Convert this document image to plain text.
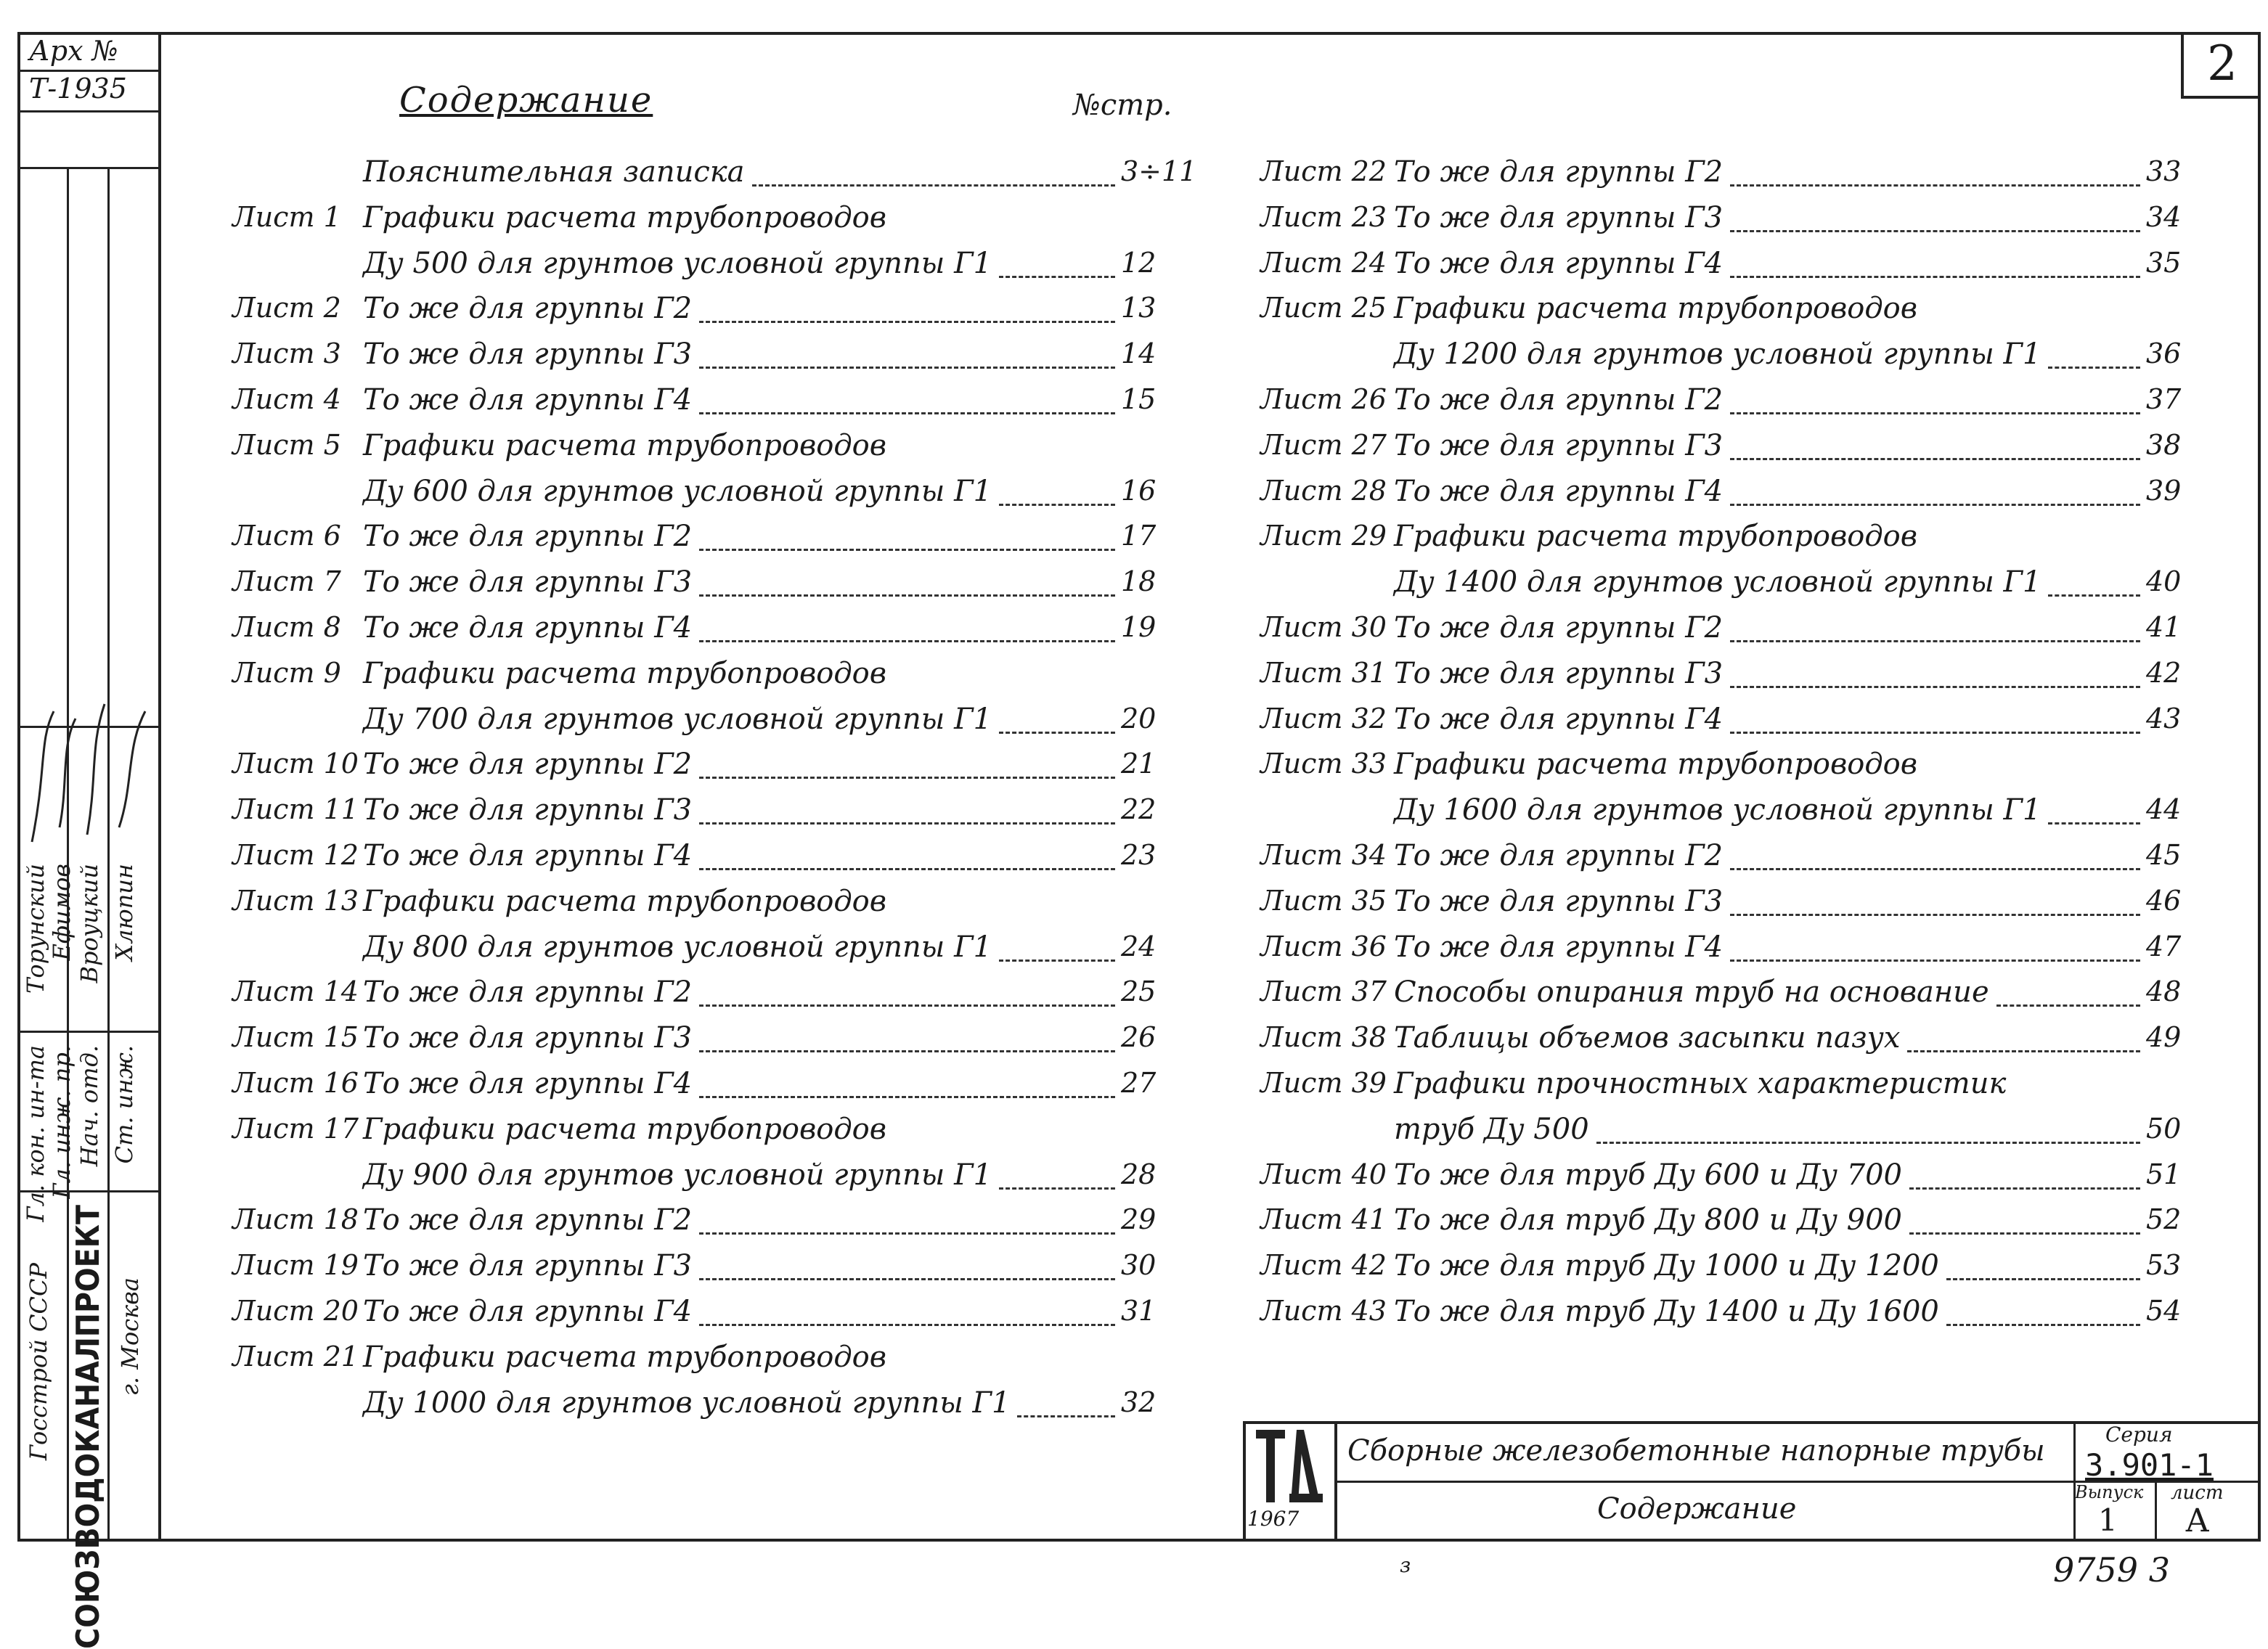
Арх №
Т-1935
Госстрой СССР СОЮЗВОДОКАНАЛПРОЕКТ г. Москва
Гл. кон. ин-та
Гл. инж. пр. Нач. отд. Ст. инж.
Торунский
Ефимов Вроуцкий Хлюпин
2
Содержание	№стр.
Пояснительная записка	3÷11
Лист 1 Графики расчета трубопроводов
Ду 500 для грунтов условной группы Г1	12
Лист 2 То же для группы Г2	13
Лист 3 То же для группы Г3	14
Лист 4 То же для группы Г4	15
Лист 5 Графики расчета трубопроводов
Ду 600 для грунтов условной группы Г1	16
Лист 6 То же для группы Г2	17
Лист 7 То же для группы Г3	18
Лист 8 То же для группы Г4	19
Лист 9 Графики расчета трубопроводов
Ду 700 для грунтов условной группы Г1	20
Лист 10 То же для группы Г2	21
Лист 11 То же для группы Г3	22
Лист 12 То же для группы Г4	23
Лист 13 Графики расчета трубопроводов
Ду 800 для грунтов условной группы Г1	24
Лист 14 То же для группы Г2	25
Лист 15 То же для группы Г3	26
Лист 16 То же для группы Г4	27
Лист 17 Графики расчета трубопроводов
Ду 900 для грунтов условной группы Г1	28
Лист 18 То же для группы Г2	29
Лист 19 То же для группы Г3	30
Лист 20 То же для группы Г4	31
Лист 21 Графики расчета трубопроводов
Ду 1000 для грунтов условной группы Г1	32
Лист 22 То же для группы Г2	33
Лист 23 То же для группы Г3	34
Лист 24 То же для группы Г4	35
Лист 25 Графики расчета трубопроводов
Ду 1200 для грунтов условной группы Г1	36
Лист 26 То же для группы Г2	37
Лист 27 То же для группы Г3	38
Лист 28 То же для группы Г4	39
Лист 29 Графики расчета трубопроводов
Ду 1400 для грунтов условной группы Г1	40
Лист 30 То же для группы Г2	41
Лист 31 То же для группы Г3	42
Лист 32 То же для группы Г4	43
Лист 33 Графики расчета трубопроводов
Ду 1600 для грунтов условной группы Г1	44
Лист 34 То же для группы Г2	45
Лист 35 То же для группы Г3	46
Лист 36 То же для группы Г4	47
Лист 37 Способы опирания труб на основание	48
Лист 38 Таблицы объемов засыпки пазух	49
Лист 39 Графики прочностных характеристик
труб Ду 500	50
Лист 40 То же для труб Ду 600 и Ду 700	51
Лист 41 То же для труб Ду 800 и Ду 900	52
Лист 42 То же для труб Ду 1000 и Ду 1200	53
Лист 43 То же для труб Ду 1400 и Ду 1600	54
1967
Сборные железобетонные напорные трубы
Содержание
Серия
3.901-1
Выпуск
1
лист
А
з	9759 3
